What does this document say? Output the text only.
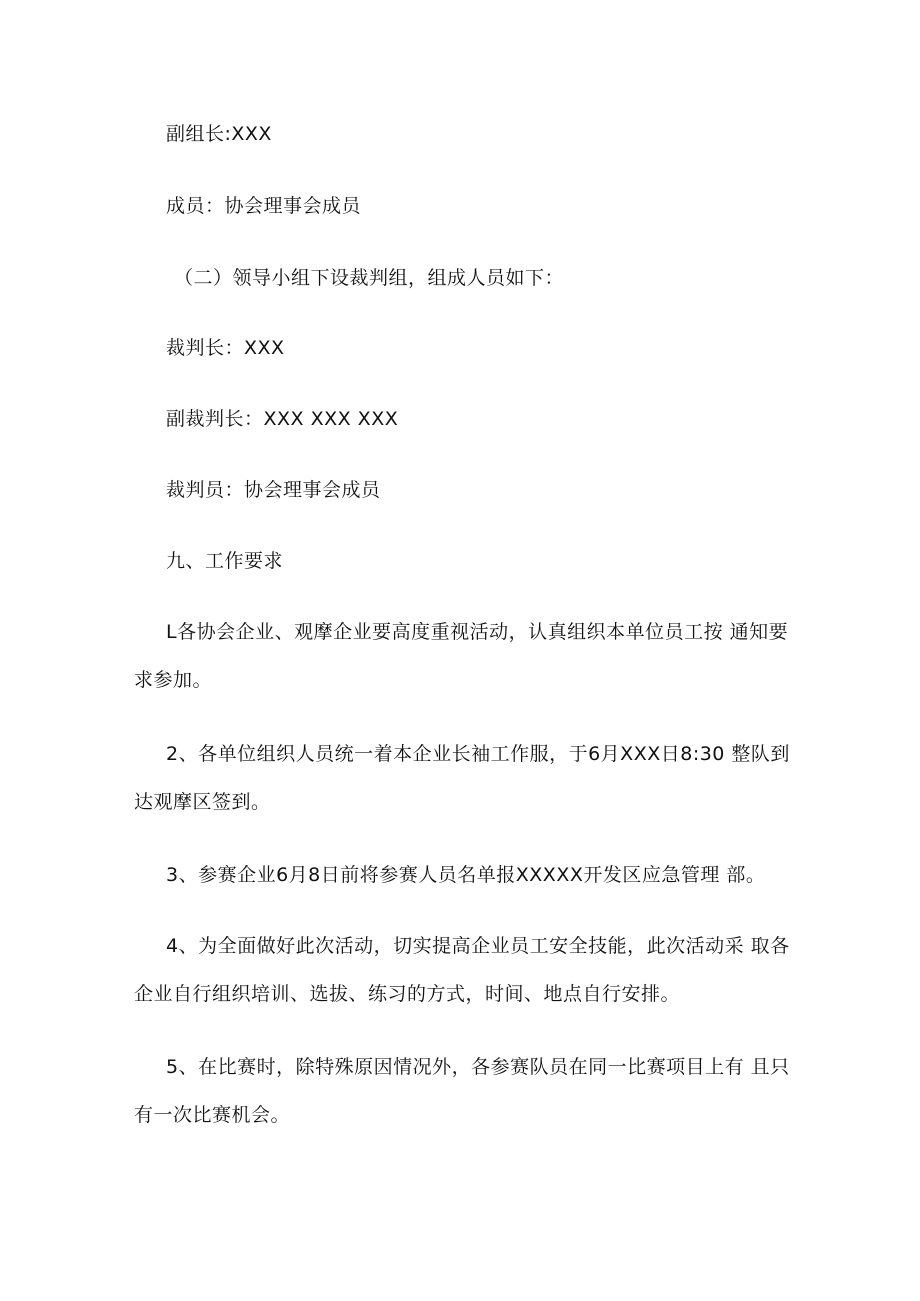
副组长:XXX
成员：协会理事会成员
（二）领导小组下设裁判组，组成人员如下：
裁判长：XXX
副裁判长：XXX XXX XXX
裁判员：协会理事会成员
九、工作要求
L各协会企业、观摩企业要高度重视活动，认真组织本单位员工按 通知要求参加。
2、各单位组织人员统一着本企业长袖工作服，于6月XXX日8:30 整队到达观摩区签到。
3、参赛企业6月8日前将参赛人员名单报XXXXX开发区应急管理 部。
4、为全面做好此次活动，切实提高企业员工安全技能，此次活动采 取各企业自行组织培训、选拔、练习的方式，时间、地点自行安排。
5、在比赛时，除特殊原因情况外，各参赛队员在同一比赛项目上有 且只有一次比赛机会。
